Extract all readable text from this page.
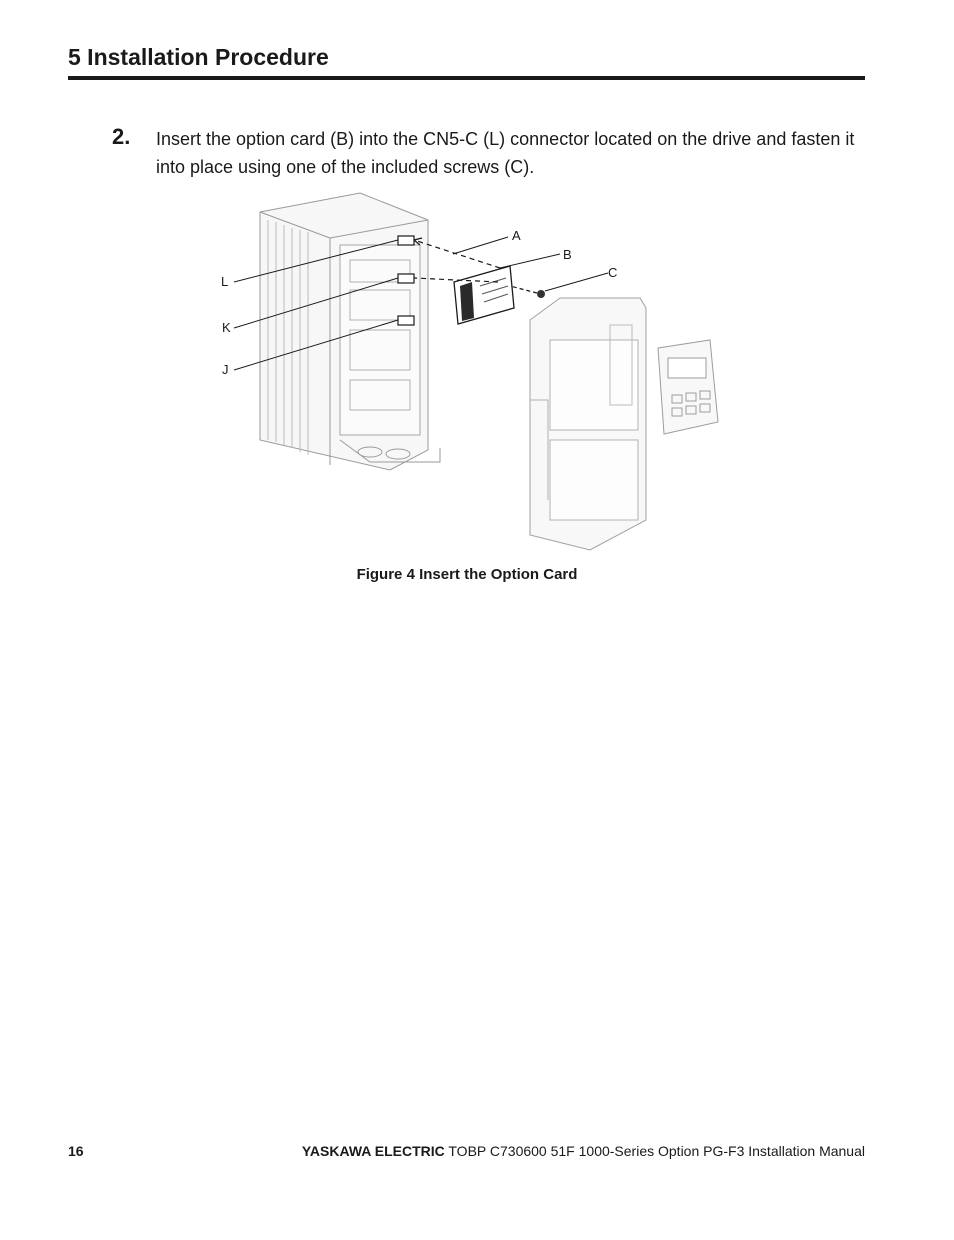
5 Installation Procedure
2. Insert the option card (B) into the CN5-C (L) connector located on the drive and fasten it into place using one of the included screws (C).

A
B
C
L
K
J
Figure 4 Insert the Option Card
16	YASKAWA ELECTRIC TOBP C730600 51F 1000-Series Option PG-F3 Installation Manual
